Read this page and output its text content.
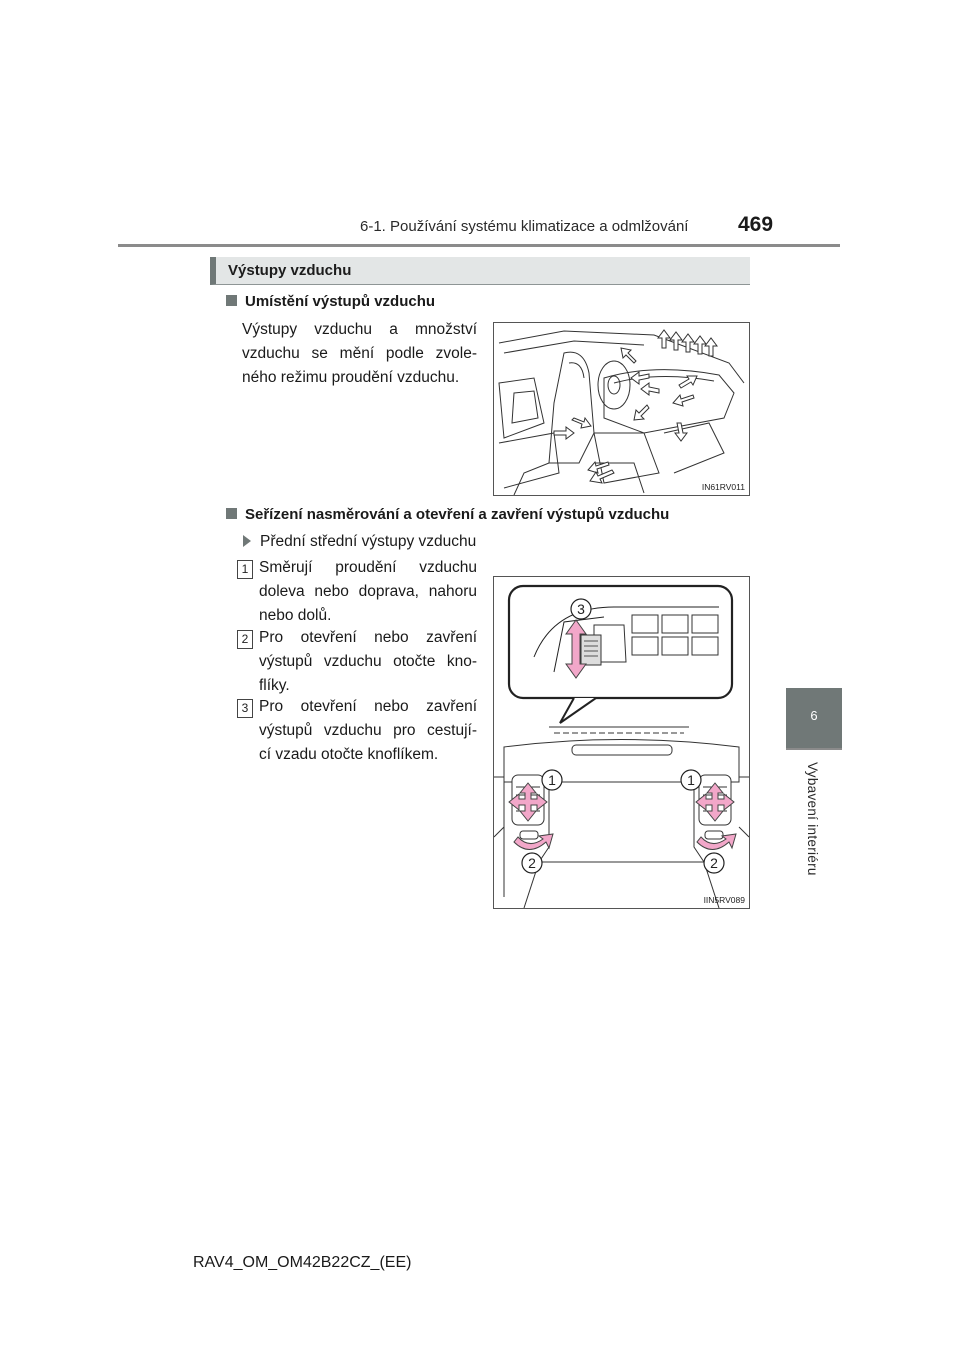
6-1. Používání systému klimatizace a odmlžování	469
Výstupy vzduchu
Umístění výstupů vzduchu
Výstupy vzduchu a množství
vzduchu se mění podle zvole-
ného režimu proudění vzduchu.
IN61RV011
Seřízení nasměrování a otevření a zavření výstupů vzduchu
Přední střední výstupy vzduchu
1 Směrují proudění vzduchu
doleva nebo doprava, nahoru
nebo dolů.
2 Pro otevření nebo zavření
výstupů vzduchu otočte kno-
flíky.
3 Pro otevření nebo zavření
výstupů vzduchu pro cestují-
cí vzadu otočte knoflíkem.
3
1	1
2	2
IIN5RV089
6
Vybavení interiéru
RAV4_OM_OM42B22CZ_(EE)
